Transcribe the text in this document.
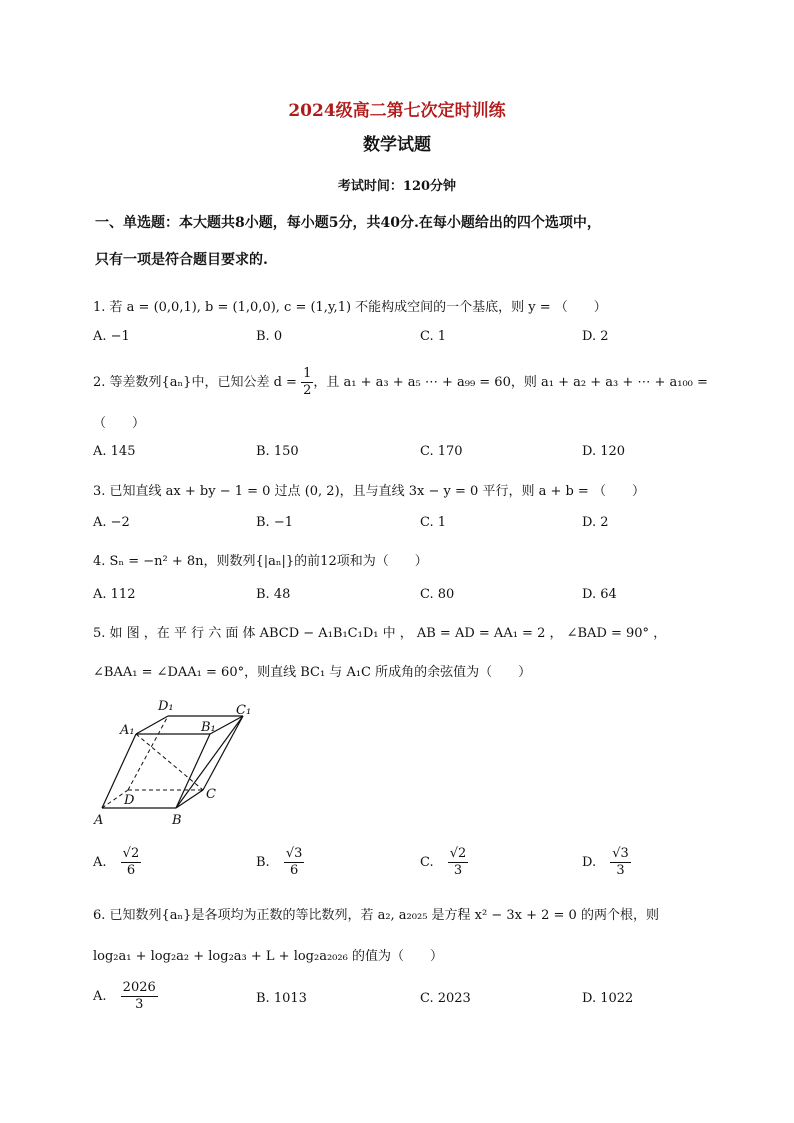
2024级高二第七次定时训练
数学试题
考试时间：120分钟
一、单选题：本大题共8小题，每小题5分，共40分.在每小题给出的四个选项中，
只有一项是符合题目要求的.
1. 若 a = (0,0,1), b = (1,0,0), c = (1,y,1) 不能构成空间的一个基底，则 y = （　　）
A. −1	B. 0	C. 1	D. 2
2. 等差数列{aₙ}中，已知公差 $d = \frac{1}{2}$ ，且 a₁ + a₃ + a₅ ⋯ + a₉₉ = 60，则 a₁ + a₂ + a₃ + ⋯ + a₁₀₀ =
（　　）
A. 145	B. 150	C. 170	D. 120
3. 已知直线 ax + by − 1 = 0 过点 (0, 2)，且与直线 3x − y = 0 平行，则 a + b = （　　）
A. −2	B. −1	C. 1	D. 2
4. Sₙ = −n² + 8n，则数列{|aₙ|}的前12项和为（　　）
A. 112	B. 48	C. 80	D. 64
5. 如 图 ，在 平 行 六 面 体 ABCD − A₁B₁C₁D₁ 中 ， AB = AD = AA₁ = 2 ， ∠BAD = 90° ，
∠BAA₁ = ∠DAA₁ = 60°，则直线 BC₁ 与 A₁C 所成角的余弦值为（　　）
D₁	C₁
A₁	B₁
D	C
A	B
A. $\frac{√2}{6}$	B. $\frac{√3}{6}$	C. $\frac{√2}{3}$	D. $\frac{√3}{3}$
6. 已知数列{aₙ}是各项均为正数的等比数列，若 a₂, a₂₀₂₅ 是方程 x² − 3x + 2 = 0 的两个根，则
log₂a₁ + log₂a₂ + log₂a₃ + L + log₂a₂₀₂₆ 的值为（　　）
A. $\frac{2026}{3}$	B. 1013	C. 2023	D. 1022
